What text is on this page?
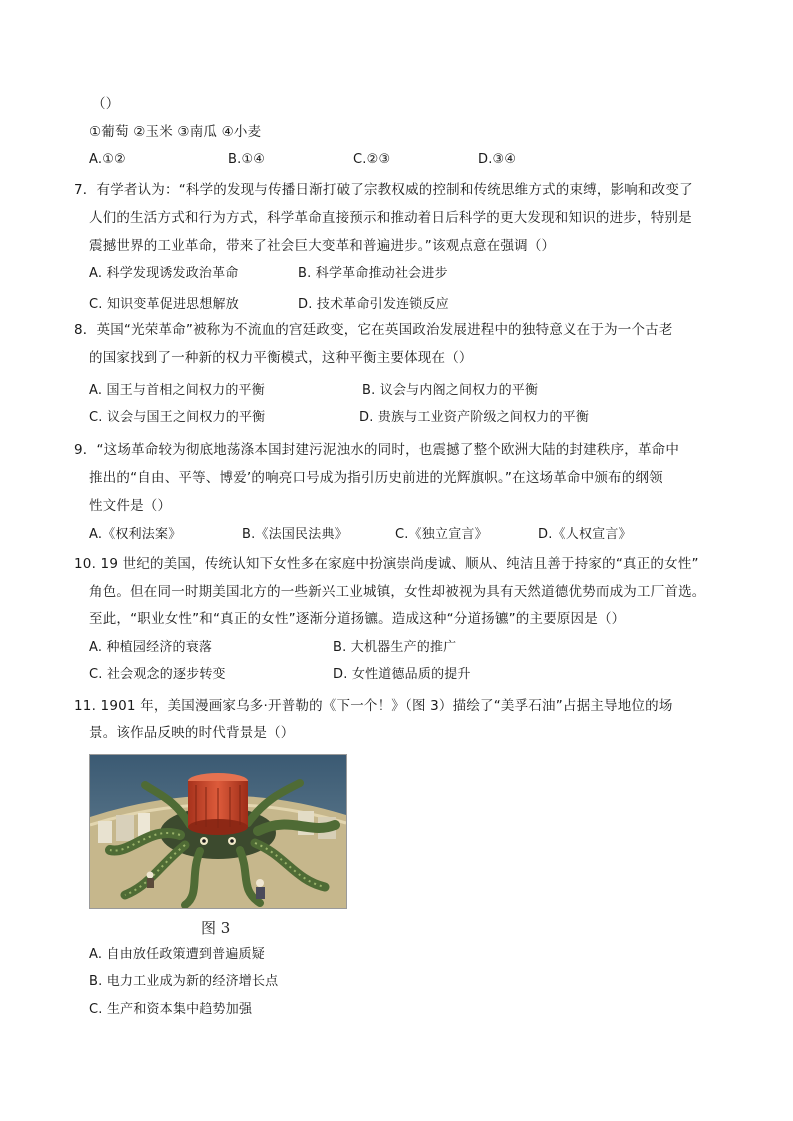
（）
①葡萄 ②玉米 ③南瓜 ④小麦
A.①②	B.①④	C.②③	D.③④
7．有学者认为：“科学的发现与传播日渐打破了宗教权威的控制和传统思维方式的束缚，影响和改变了
人们的生活方式和行为方式，科学革命直接预示和推动着日后科学的更大发现和知识的进步，特别是
震撼世界的工业革命，带来了社会巨大变革和普遍进步。”该观点意在强调（）
A. 科学发现诱发政治革命	B. 科学革命推动社会进步
C. 知识变革促进思想解放	D. 技术革命引发连锁反应
8．英国“光荣革命”被称为不流血的宫廷政变，它在英国政治发展进程中的独特意义在于为一个古老
的国家找到了一种新的权力平衡模式，这种平衡主要体现在（）
A. 国王与首相之间权力的平衡	B. 议会与内阁之间权力的平衡
C. 议会与国王之间权力的平衡	D. 贵族与工业资产阶级之间权力的平衡
9．“这场革命较为彻底地荡涤本国封建污泥浊水的同时，也震撼了整个欧洲大陆的封建秩序，革命中
推出的“自由、平等、博爱’的响亮口号成为指引历史前进的光辉旗帜。”在这场革命中颁布的纲领
性文件是（）
A.《权利法案》	B.《法国民法典》	C.《独立宣言》	D.《人权宣言》
10. 19 世纪的美国，传统认知下女性多在家庭中扮演崇尚虔诚、顺从、纯洁且善于持家的“真正的女性”
角色。但在同一时期美国北方的一些新兴工业城镇，女性却被视为具有天然道德优势而成为工厂首选。
至此，“职业女性”和“真正的女性”逐渐分道扬镳。造成这种“分道扬镳”的主要原因是（）
A. 种植园经济的衰落	B. 大机器生产的推广
C. 社会观念的逐步转变	D. 女性道德品质的提升
11. 1901 年，美国漫画家乌多·开普勒的《下一个！》（图 3）描绘了“美孚石油”占据主导地位的场
景。该作品反映的时代背景是（）
图 3
A. 自由放任政策遭到普遍质疑
B. 电力工业成为新的经济增长点
C. 生产和资本集中趋势加强
